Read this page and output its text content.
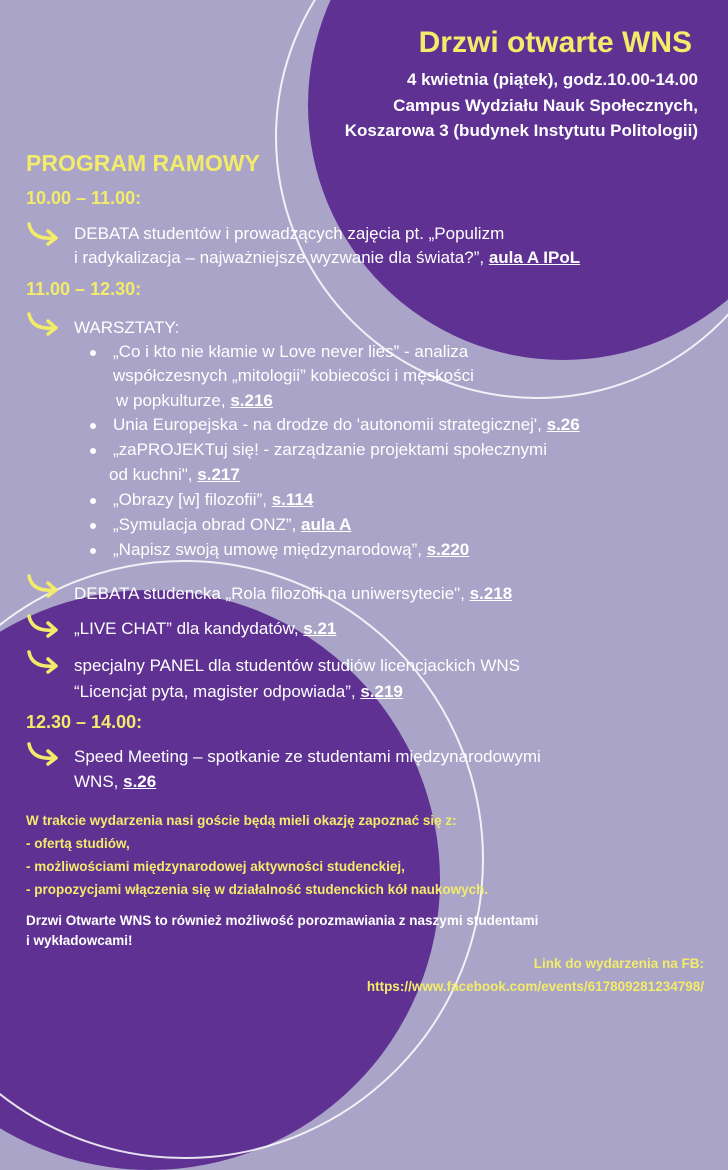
Drzwi otwarte WNS

4 kwietnia (piątek), godz.10.00-14.00

Campus Wydziału Nauk Społecznych,

Koszarowa 3 (budynek Instytutu Politologii)

PROGRAM RAMOWY

10.00 – 11.00:

DEBATA studentów i prowadzących zajęcia pt. „Populizm

i radykalizacja – najważniejsze wyzwanie dla świata?”, aula A IPoL

11.00 – 12.30:

WARSZTATY:

„Co i kto nie kłamie w Love never lies” - analiza

współczesnych „mitologii” kobiecości i męskości

w popkulturze, s.216

Unia Europejska - na drodze do 'autonomii strategicznej', s.26

„zaPROJEKTuj się! - zarządzanie projektami społecznymi

od kuchni", s.217

„Obrazy [w] filozofii”, s.114

„Symulacja obrad ONZ”, aula A

„Napisz swoją umowę międzynarodową”, s.220

DEBATA studencka „Rola filozofii na uniwersytecie", s.218

„LIVE CHAT” dla kandydatów, s.21

specjalny PANEL dla studentów studiów licencjackich WNS

“Licencjat pyta, magister odpowiada”, s.219

12.30 – 14.00:

Speed Meeting – spotkanie ze studentami międzynarodowymi

WNS, s.26

W trakcie wydarzenia nasi goście będą mieli okazję zapoznać się z:

- ofertą studiów,

- możliwościami międzynarodowej aktywności studenckiej,

- propozycjami włączenia się w działalność studenckich kół naukowych.

Drzwi Otwarte WNS to również możliwość porozmawiania z naszymi studentami

i wykładowcami!

Link do wydarzenia na FB:

https://www.facebook.com/events/617809281234798/
